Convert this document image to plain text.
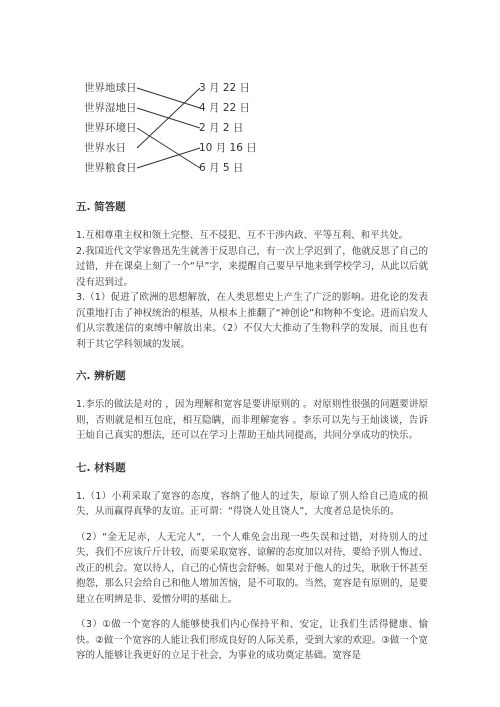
世界地球日
世界湿地日
世界环境日
世界水日
世界粮食日
3 月 22 日
4 月 22 日
2 月 2 日
10 月 16 日
6 月 5 日
五. 简答题
1.互相尊重主权和领土完整、互不侵犯、互不干涉内政、平等互利、和平共处。
2.我国近代文学家鲁迅先生就善于反思自己，有一次上学迟到了，他就反思了自己的过错，并在课桌上刻了一个“早”字，来提醒自己要早早地来到学校学习，从此以后就没有迟到过。
3.（1）促进了欧洲的思想解放，在人类思想史上产生了广泛的影响。进化论的发表沉重地打击了神权统治的根基，从根本上推翻了“神创论”和物种不变论。进而启发人们从宗教迷信的束缚中解放出来。（2）不仅大大推动了生物科学的发展，而且也有利于其它学科领域的发展。
六. 辨析题
1.李乐的做法是对的 ，因为理解和宽容是要讲原则的 。对原则性很强的问题要讲原则，否则就是相互包庇，相互隐瞒，而非理解宽容 。李乐可以先与王灿谈谈，告诉王灿自己真实的想法，还可以在学习上帮助王灿共同提高，共同分享成功的快乐。
七. 材料题
1.（1）小莉采取了宽容的态度，容纳了他人的过失，原谅了别人给自己造成的损失，从而赢得真挚的友谊。正可谓：“得饶人处且饶人”，大度者总是快乐的。
（2）“金无足赤，人无完人”，一个人难免会出现一些失误和过错，对待别人的过失，我们不应该斤斤计较，而要采取宽容、谅解的态度加以对待，要给予别人悔过、改正的机会。宽以待人，自己的心情也会舒畅。如果对于他人的过失，耿耿于怀甚至抱怨，那么只会给自己和他人增加苦恼，是不可取的。当然，宽容是有原则的，是要建立在明辨是非、爱憎分明的基础上。
（3）①做一个宽容的人能够使我们内心保持平和、安定，让我们生活得健康、愉快。②做一个宽容的人能让我们形成良好的人际关系，受到大家的欢迎。③做一个宽容的人能够让我更好的立足于社会，为事业的成功奠定基础。宽容是
